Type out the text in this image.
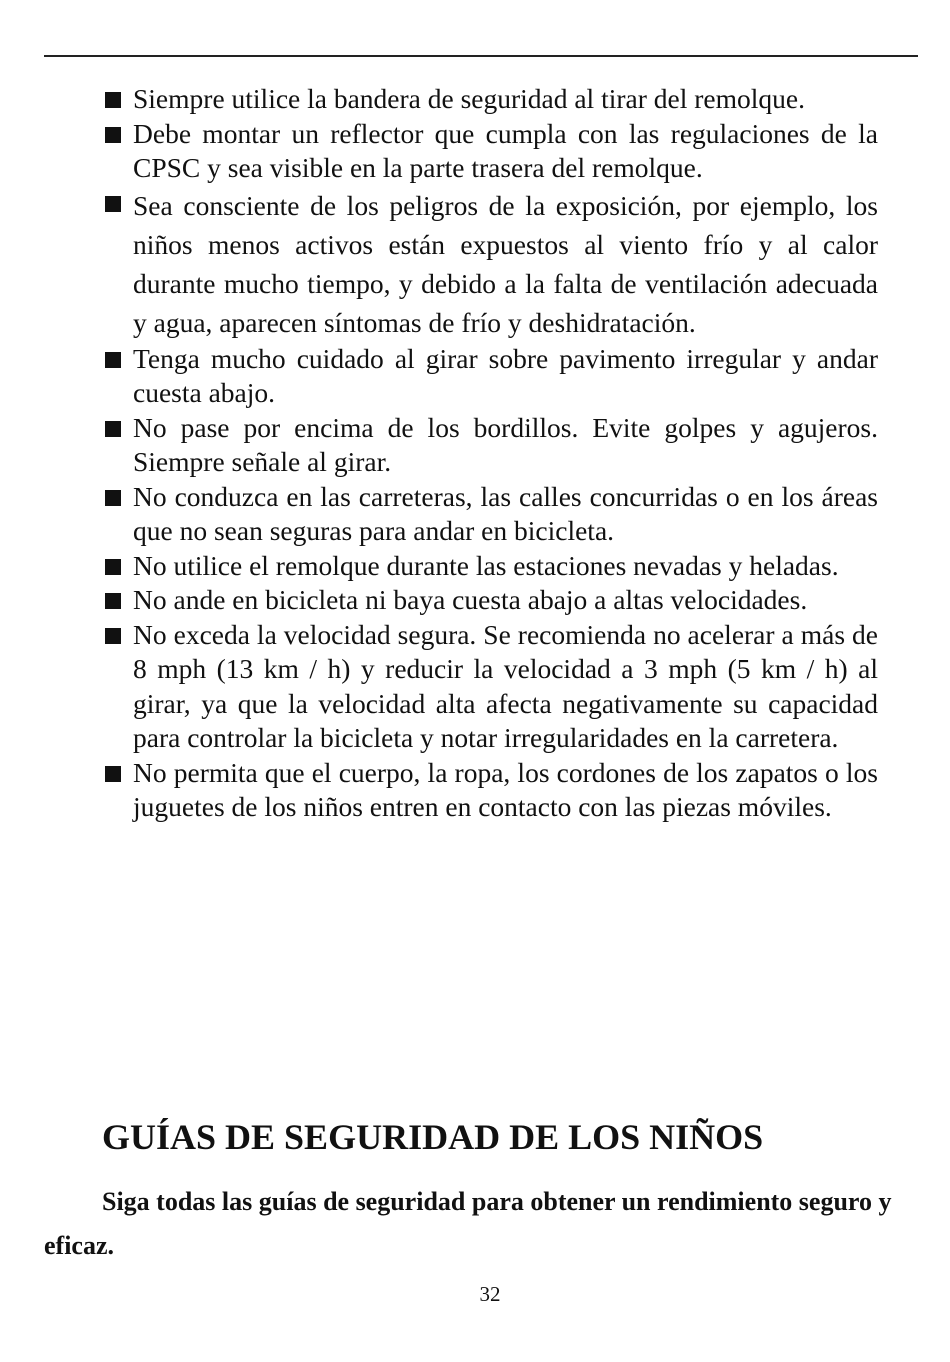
Siempre utilice la bandera de seguridad al tirar del remolque.
Debe montar un reflector que cumpla con las regulaciones de la CPSC y sea visible en la parte trasera del remolque.
Sea consciente de los peligros de la exposición, por ejemplo, los niños menos activos están expuestos al viento frío y al calor durante mucho tiempo, y debido a la falta de ventilación adecuada y agua, aparecen síntomas de frío y deshidratación.
Tenga mucho cuidado al girar sobre pavimento irregular y andar cuesta abajo.
No pase por encima de los bordillos. Evite golpes y agujeros. Siempre señale al girar.
No conduzca en las carreteras, las calles concurridas o en los áreas que no sean seguras para andar en bicicleta.
No utilice el remolque durante las estaciones nevadas y heladas.
No ande en bicicleta ni baya cuesta abajo a altas velocidades.
No exceda la velocidad segura. Se recomienda no acelerar a más de 8 mph (13 km / h) y reducir la velocidad a 3 mph (5 km / h) al girar, ya que la velocidad alta afecta negativamente su capacidad para controlar la bicicleta y notar irregularidades en la carretera.
No permita que el cuerpo, la ropa, los cordones de los zapatos o los juguetes de los niños entren en contacto con las piezas móviles.
GUÍAS DE SEGURIDAD DE LOS NIÑOS

Siga todas las guías de seguridad para obtener un rendimiento seguro y eficaz.

32
